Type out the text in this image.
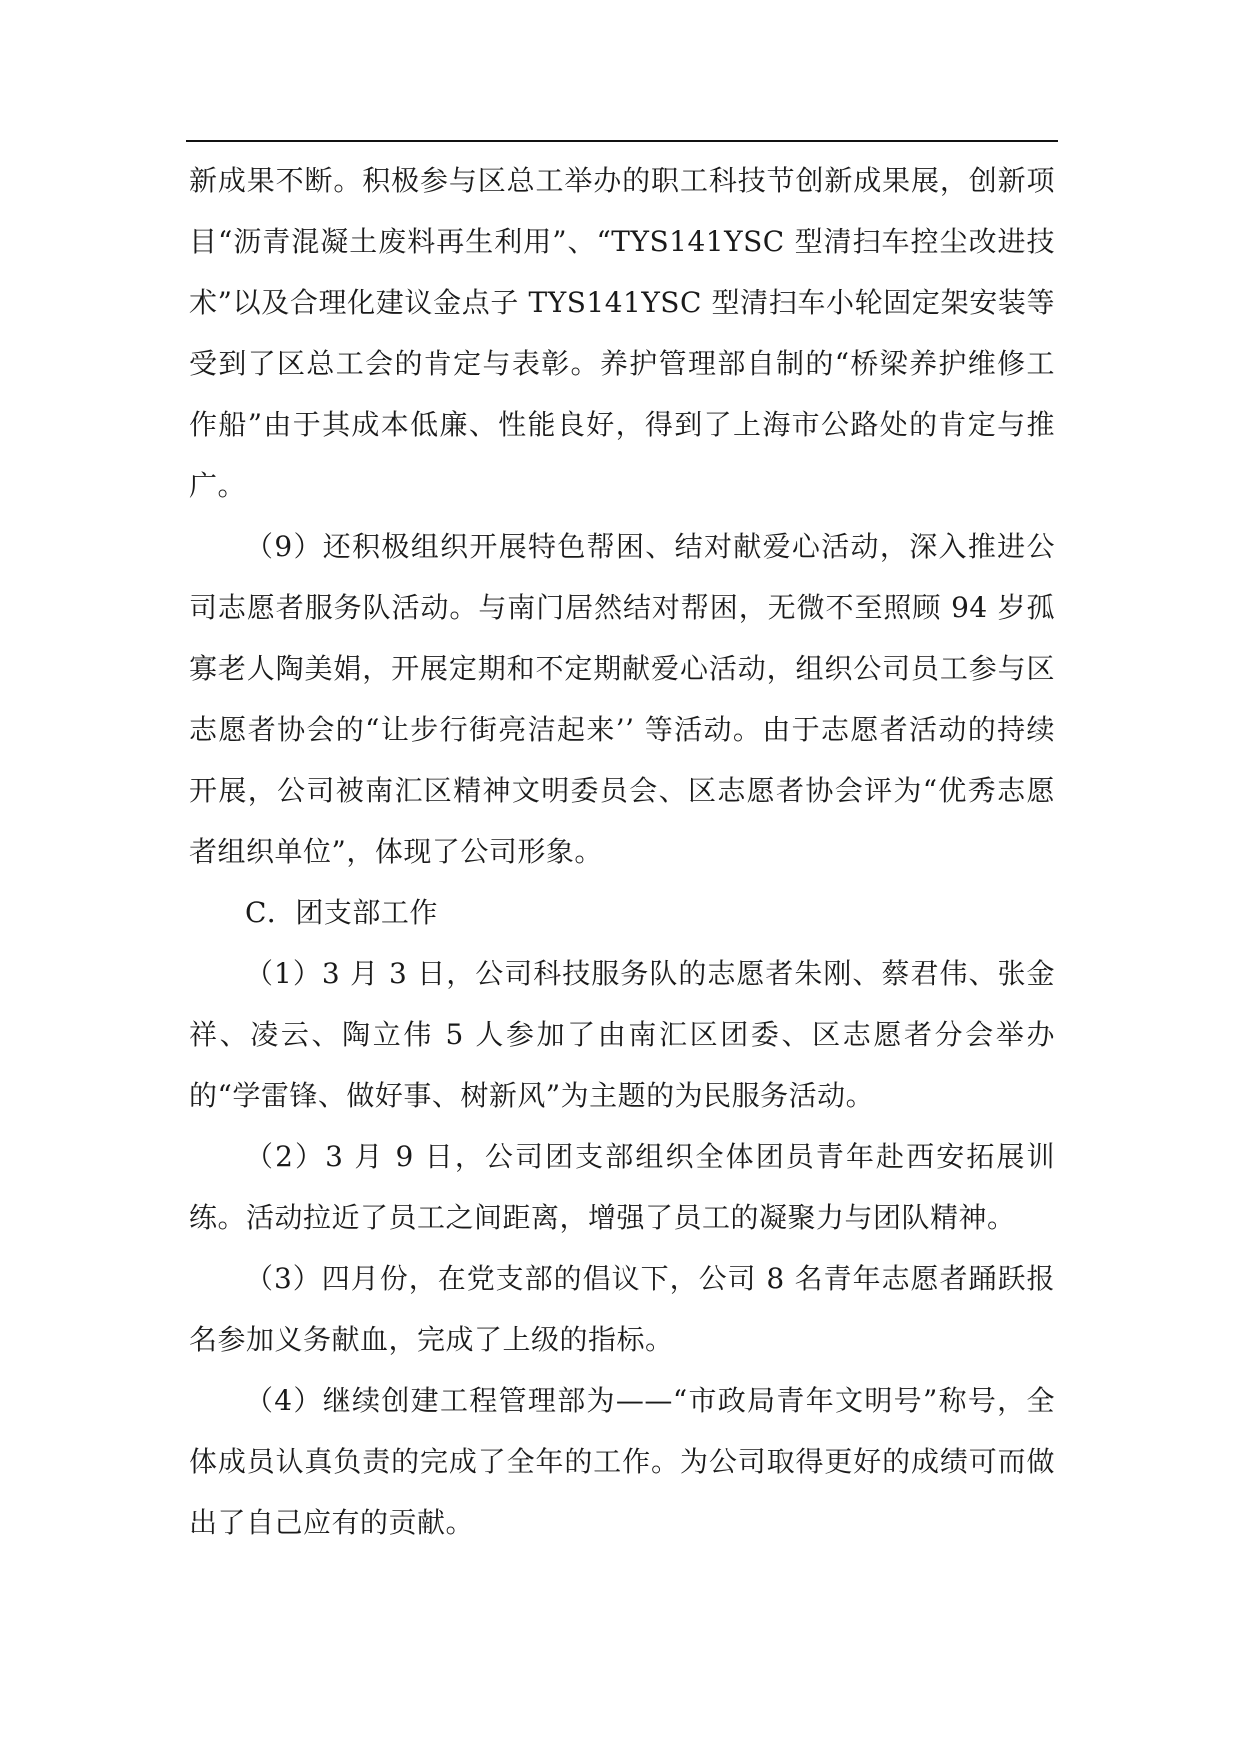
新成果不断。积极参与区总工举办的职工科技节创新成果展，创新项目“沥青混凝土废料再生利用”、“TYS141YSC 型清扫车控尘改进技术”以及合理化建议金点子 TYS141YSC 型清扫车小轮固定架安装等受到了区总工会的肯定与表彰。养护管理部自制的“桥梁养护维修工作船”由于其成本低廉、性能良好，得到了上海市公路处的肯定与推广。

（9）还积极组织开展特色帮困、结对献爱心活动，深入推进公司志愿者服务队活动。与南门居然结对帮困，无微不至照顾 94 岁孤寡老人陶美娟，开展定期和不定期献爱心活动，组织公司员工参与区志愿者协会的“让步行街亮洁起来’’ 等活动。由于志愿者活动的持续开展，公司被南汇区精神文明委员会、区志愿者协会评为“优秀志愿者组织单位”，体现了公司形象。

C．团支部工作

（1）3 月 3 日，公司科技服务队的志愿者朱刚、蔡君伟、张金祥、凌云、陶立伟 5 人参加了由南汇区团委、区志愿者分会举办的“学雷锋、做好事、树新风”为主题的为民服务活动。

（2）3 月 9 日，公司团支部组织全体团员青年赴西安拓展训练。活动拉近了员工之间距离，增强了员工的凝聚力与团队精神。

（3）四月份，在党支部的倡议下，公司 8 名青年志愿者踊跃报名参加义务献血，完成了上级的指标。

（4）继续创建工程管理部为——“市政局青年文明号”称号，全体成员认真负责的完成了全年的工作。为公司取得更好的成绩可而做出了自己应有的贡献。
